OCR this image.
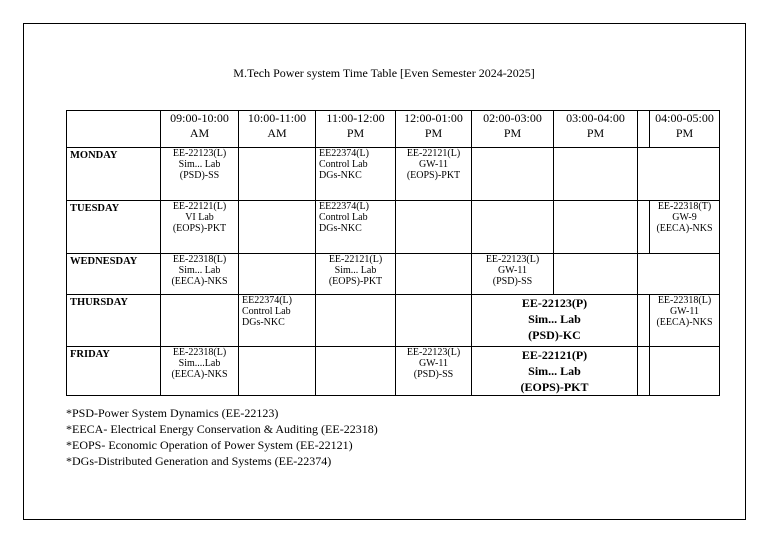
M.Tech Power system Time Table [Even Semester 2024-2025]

	09:00-10:00
AM	10:00-11:00
AM	11:00-12:00
PM	12:00-01:00
PM	02:00-03:00
PM	03:00-04:00
PM		04:00-05:00
PM

MONDAY	EE-22123(L)
Sim... Lab
(PSD)-SS		EE22374(L)
Control Lab
DGs-NKC	EE-22121(L)
GW-11
(EOPS)-PKT				

TUESDAY	EE-22121(L)
VI Lab
(EOPS)-PKT		EE22374(L)
Control Lab
DGs-NKC					EE-22318(T)
GW-9
(EECA)-NKS

WEDNESDAY	EE-22318(L)
Sim... Lab
(EECA)-NKS		EE-22121(L)
Sim... Lab
(EOPS)-PKT		EE-22123(L)
GW-11
(PSD)-SS			

THURSDAY		EE22374(L)
Control Lab
DGs-NKC			EE-22123(P)
Sim... Lab
(PSD)-KC			EE-22318(L)
GW-11
(EECA)-NKS

FRIDAY	EE-22318(L)
Sim....Lab
(EECA)-NKS			EE-22123(L)
GW-11
(PSD)-SS	EE-22121(P)
Sim... Lab
(EOPS)-PKT			

*PSD-Power System Dynamics (EE-22123)
*EECA- Electrical Energy Conservation & Auditing (EE-22318)
*EOPS- Economic Operation of Power System (EE-22121)
*DGs-Distributed Generation and Systems (EE-22374)
